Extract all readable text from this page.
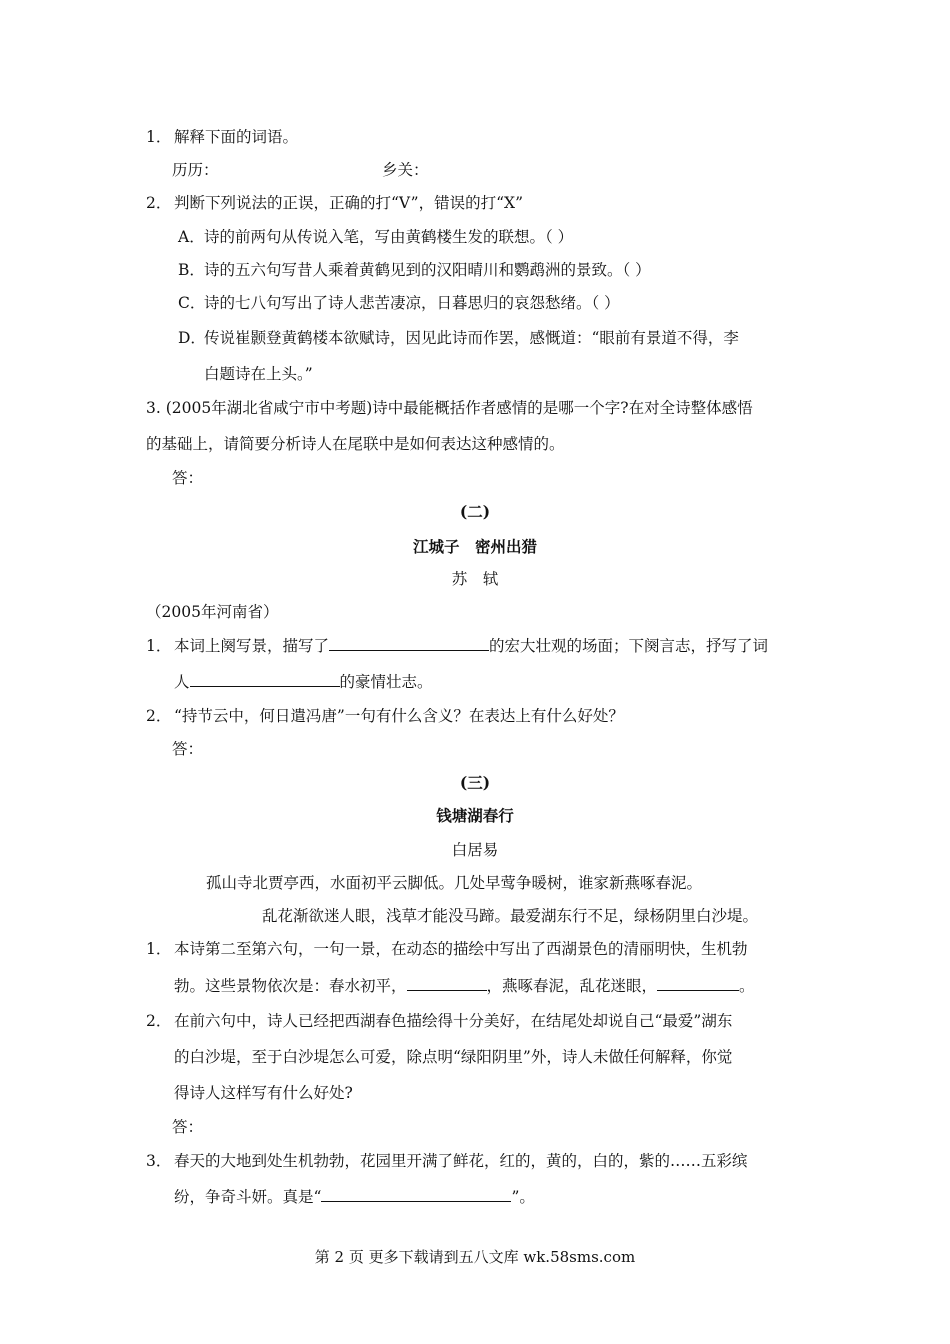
1． 解释下面的词语。
历历：	乡关：
2． 判断下列说法的正误，正确的打“V”，错误的打“X”
A．诗的前两句从传说入笔，写由黄鹤楼生发的联想。（ ）
B．诗的五六句写昔人乘着黄鹤见到的汉阳晴川和鹦鹉洲的景致。（ ）
C．诗的七八句写出了诗人悲苦凄凉，日暮思归的哀怨愁绪。（ ）
D．传说崔颢登黄鹤楼本欲赋诗，因见此诗而作罢，感慨道：“眼前有景道不得，李
白题诗在上头。”
3. (2005年湖北省咸宁市中考题)诗中最能概括作者感情的是哪一个字?在对全诗整体感悟
的基础上，请简要分析诗人在尾联中是如何表达这种感情的。
答：
(二)
江城子　密州出猎
苏　轼
（2005年河南省）
1． 本词上阕写景，描写了	的宏大壮观的场面；下阕言志，抒写了词
人	的豪情壮志。
2． “持节云中，何日遣冯唐”一句有什么含义？在表达上有什么好处？
答：
(三)
钱塘湖春行
白居易
孤山寺北贾亭西，水面初平云脚低。几处早莺争暖树，谁家新燕啄春泥。
乱花渐欲迷人眼，浅草才能没马蹄。最爱湖东行不足，绿杨阴里白沙堤。
1． 本诗第二至第六句，一句一景，在动态的描绘中写出了西湖景色的清丽明快，生机勃
勃。这些景物依次是：春水初平，	，燕啄春泥，乱花迷眼，	。
2． 在前六句中，诗人已经把西湖春色描绘得十分美好，在结尾处却说自己“最爱”湖东
的白沙堤，至于白沙堤怎么可爱，除点明“绿阳阴里”外，诗人未做任何解释，你觉
得诗人这样写有什么好处?
答：
3． 春天的大地到处生机勃勃，花园里开满了鲜花，红的，黄的，白的，紫的……五彩缤
纷，争奇斗妍。真是“	”。
第 2 页 更多下载请到五八文库 wk.58sms.com
